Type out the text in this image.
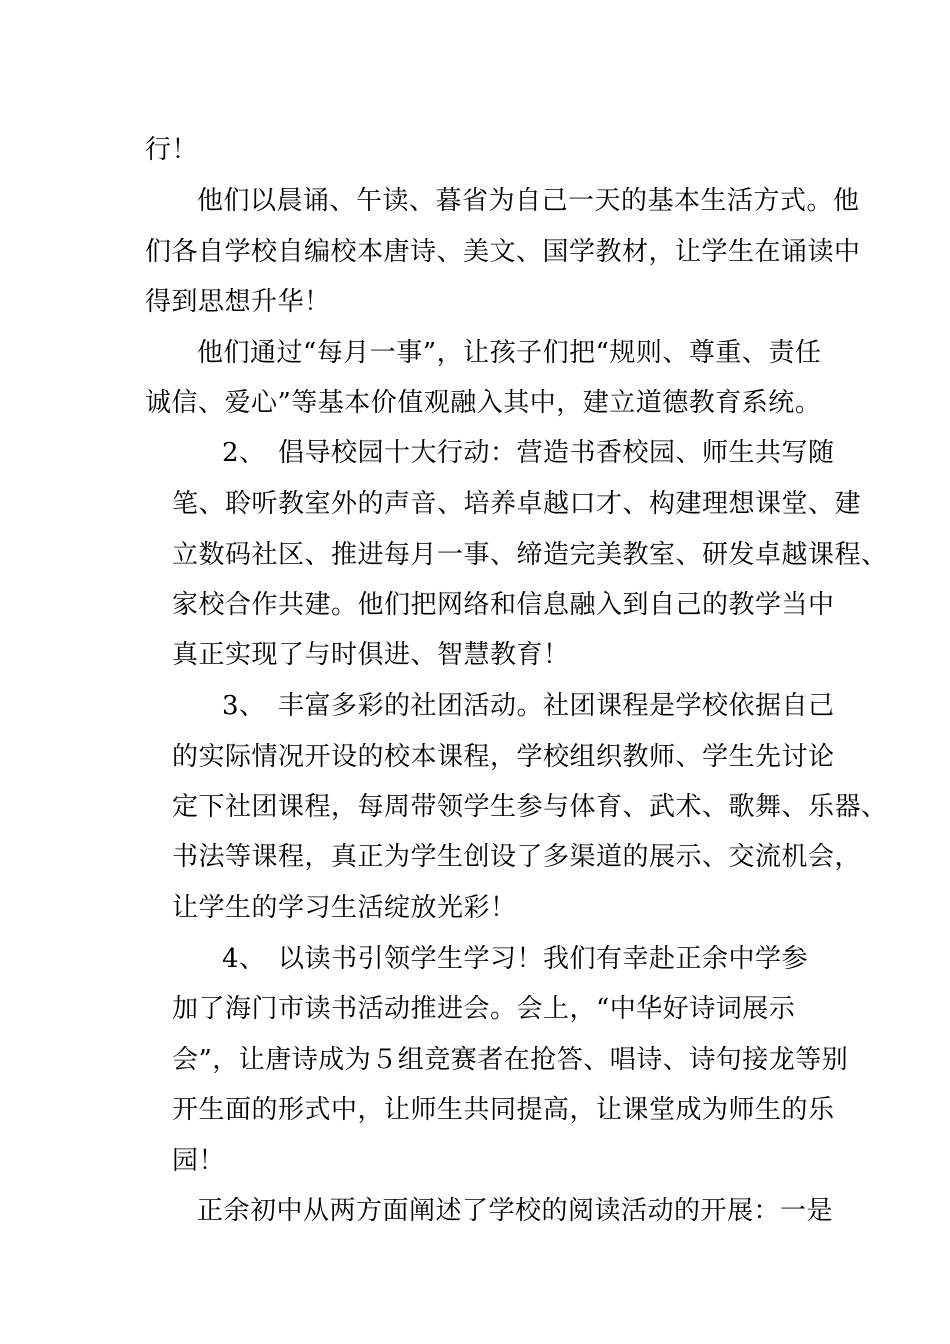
行！
他们以晨诵、午读、暮省为自己一天的基本生活方式。他
们各自学校自编校本唐诗、美文、国学教材，让学生在诵读中
得到思想升华！
他们通过“每月一事”，让孩子们把“规则、尊重、责任
诚信、爱心”等基本价值观融入其中，建立道德教育系统。
2、 倡导校园十大行动：营造书香校园、师生共写随
笔、聆听教室外的声音、培养卓越口才、构建理想课堂、建
立数码社区、推进每月一事、缔造完美教室、研发卓越课程、
家校合作共建。他们把网络和信息融入到自己的教学当中
真正实现了与时俱进、智慧教育！
3、 丰富多彩的社团活动。社团课程是学校依据自己
的实际情况开设的校本课程，学校组织教师、学生先讨论
定下社团课程，每周带领学生参与体育、武术、歌舞、乐器、
书法等课程，真正为学生创设了多渠道的展示、交流机会，
让学生的学习生活绽放光彩！
4、 以读书引领学生学习！我们有幸赴正余中学参
加了海门市读书活动推进会。会上，“中华好诗词展示
会”，让唐诗成为５组竞赛者在抢答、唱诗、诗句接龙等别
开生面的形式中，让师生共同提高，让课堂成为师生的乐
园！
正余初中从两方面阐述了学校的阅读活动的开展：一是
